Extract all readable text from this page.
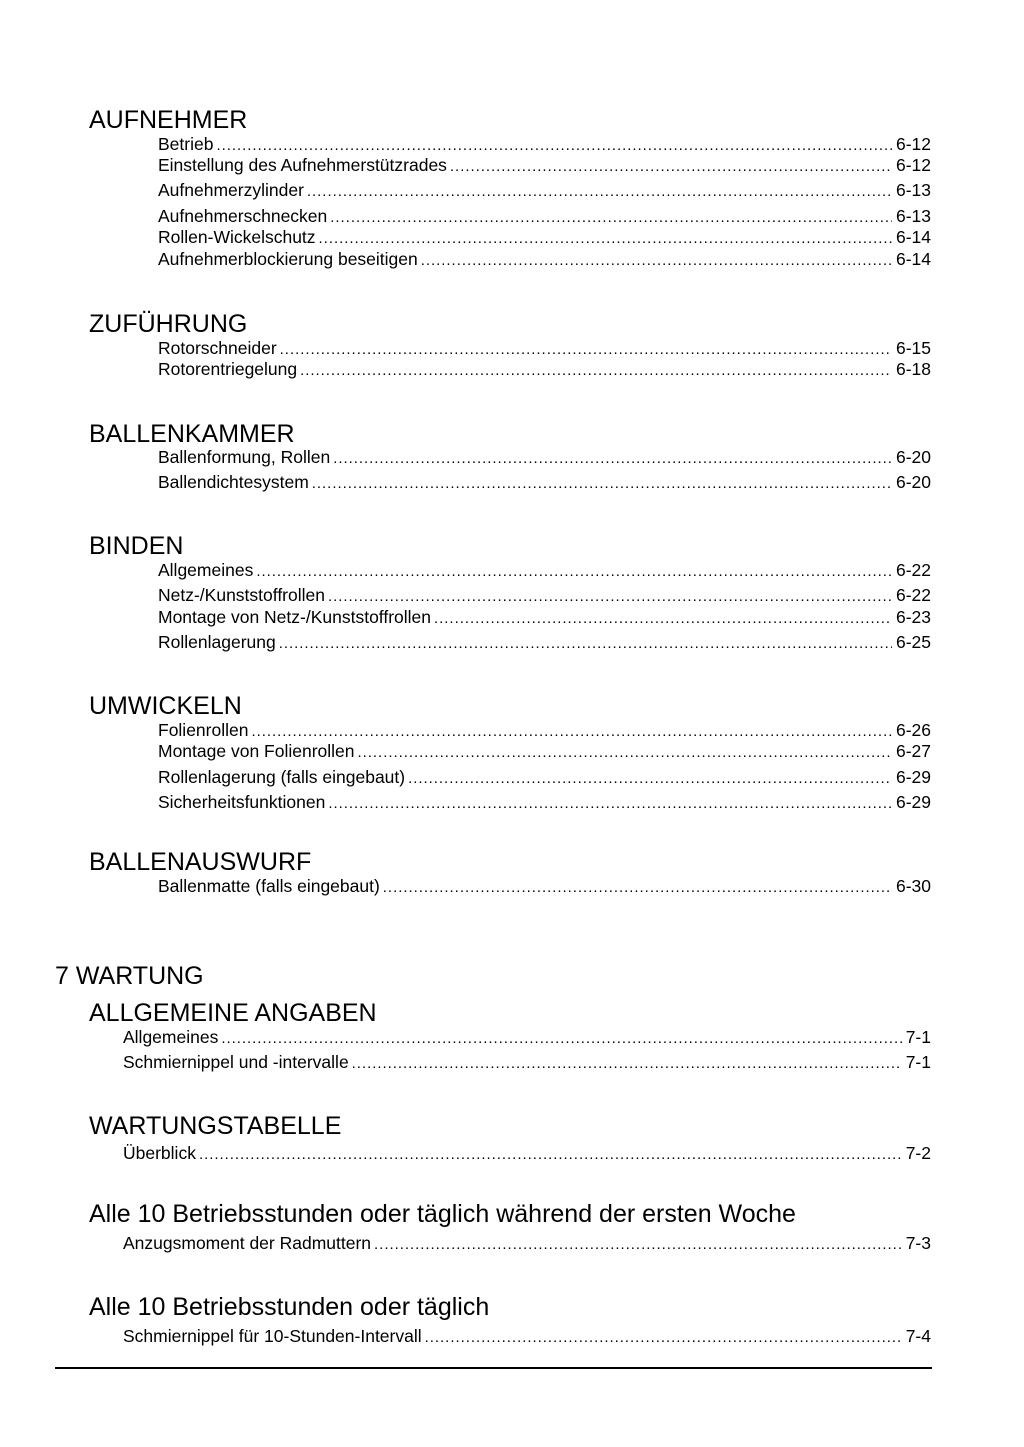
AUFNEHMER
Betrieb . . .	6-12
Einstellung des Aufnehmerstützrades . . .	6-12
Aufnehmerzylinder . . .	6-13
Aufnehmerschnecken . . .	6-13
Rollen-Wickelschutz . . .	6-14
Aufnehmerblockierung beseitigen . . .	6-14
ZUFÜHRUNG
Rotorschneider . . .	6-15
Rotorentriegelung . . .	6-18
BALLENKAMMER
Ballenformung, Rollen . . .	6-20
Ballendichtesystem . . .	6-20
BINDEN
Allgemeines . . .	6-22
Netz-/Kunststoffrollen . . .	6-22
Montage von Netz-/Kunststoffrollen . . .	6-23
Rollenlagerung . . .	6-25
UMWICKELN
Folienrollen . . .	6-26
Montage von Folienrollen . . .	6-27
Rollenlagerung (falls eingebaut) . . .	6-29
Sicherheitsfunktionen . . .	6-29
BALLENAUSWURF
Ballenmatte (falls eingebaut) . . .	6-30
7 WARTUNG
ALLGEMEINE ANGABEN
Allgemeines . . .	7-1
Schmiernippel und -intervalle . . .	7-1
WARTUNGSTABELLE
Überblick . . .	7-2
Alle 10 Betriebsstunden oder täglich während der ersten Woche
Anzugsmoment der Radmuttern . . .	7-3
Alle 10 Betriebsstunden oder täglich
Schmiernippel für 10-Stunden-Intervall . . .	7-4
